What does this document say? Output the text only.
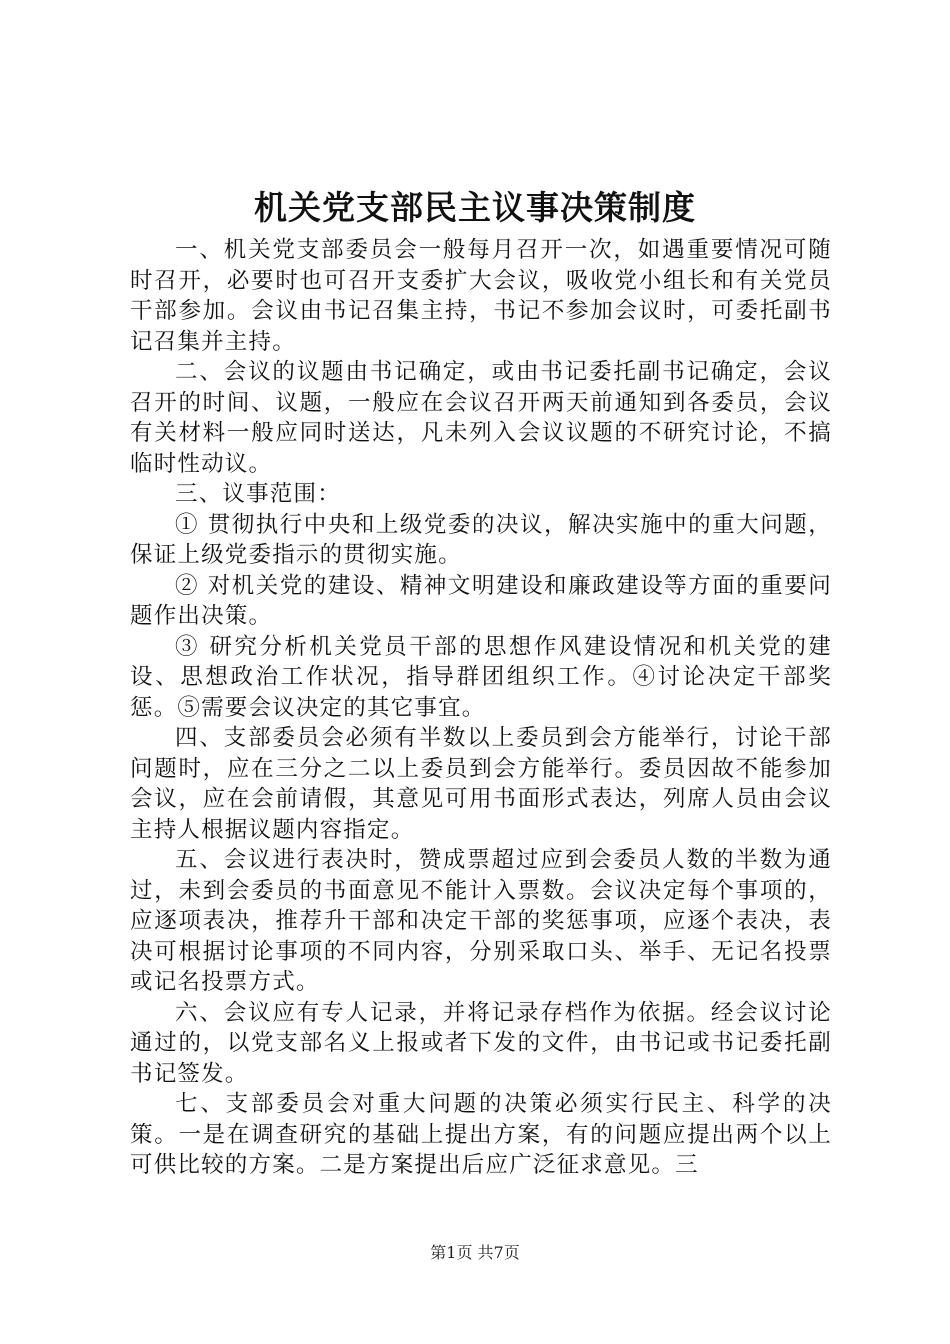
机关党支部民主议事决策制度

一、机关党支部委员会一般每月召开一次，如遇重要情况可随时召开，必要时也可召开支委扩大会议，吸收党小组长和有关党员干部参加。会议由书记召集主持，书记不参加会议时，可委托副书记召集并主持。

二、会议的议题由书记确定，或由书记委托副书记确定，会议召开的时间、议题，一般应在会议召开两天前通知到各委员，会议有关材料一般应同时送达，凡未列入会议议题的不研究讨论，不搞临时性动议。

三、议事范围：

① 贯彻执行中央和上级党委的决议，解决实施中的重大问题，保证上级党委指示的贯彻实施。

② 对机关党的建设、精神文明建设和廉政建设等方面的重要问题作出决策。

③ 研究分析机关党员干部的思想作风建设情况和机关党的建设、思想政治工作状况，指导群团组织工作。④讨论决定干部奖惩。⑤需要会议决定的其它事宜。

四、支部委员会必须有半数以上委员到会方能举行，讨论干部问题时，应在三分之二以上委员到会方能举行。委员因故不能参加会议，应在会前请假，其意见可用书面形式表达，列席人员由会议主持人根据议题内容指定。

五、会议进行表决时，赞成票超过应到会委员人数的半数为通过，未到会委员的书面意见不能计入票数。会议决定每个事项的，应逐项表决，推荐升干部和决定干部的奖惩事项，应逐个表决，表决可根据讨论事项的不同内容，分别采取口头、举手、无记名投票或记名投票方式。

六、会议应有专人记录，并将记录存档作为依据。经会议讨论通过的，以党支部名义上报或者下发的文件，由书记或书记委托副书记签发。

七、支部委员会对重大问题的决策必须实行民主、科学的决策。一是在调查研究的基础上提出方案，有的问题应提出两个以上可供比较的方案。二是方案提出后应广泛征求意见。三

第1页 共7页
